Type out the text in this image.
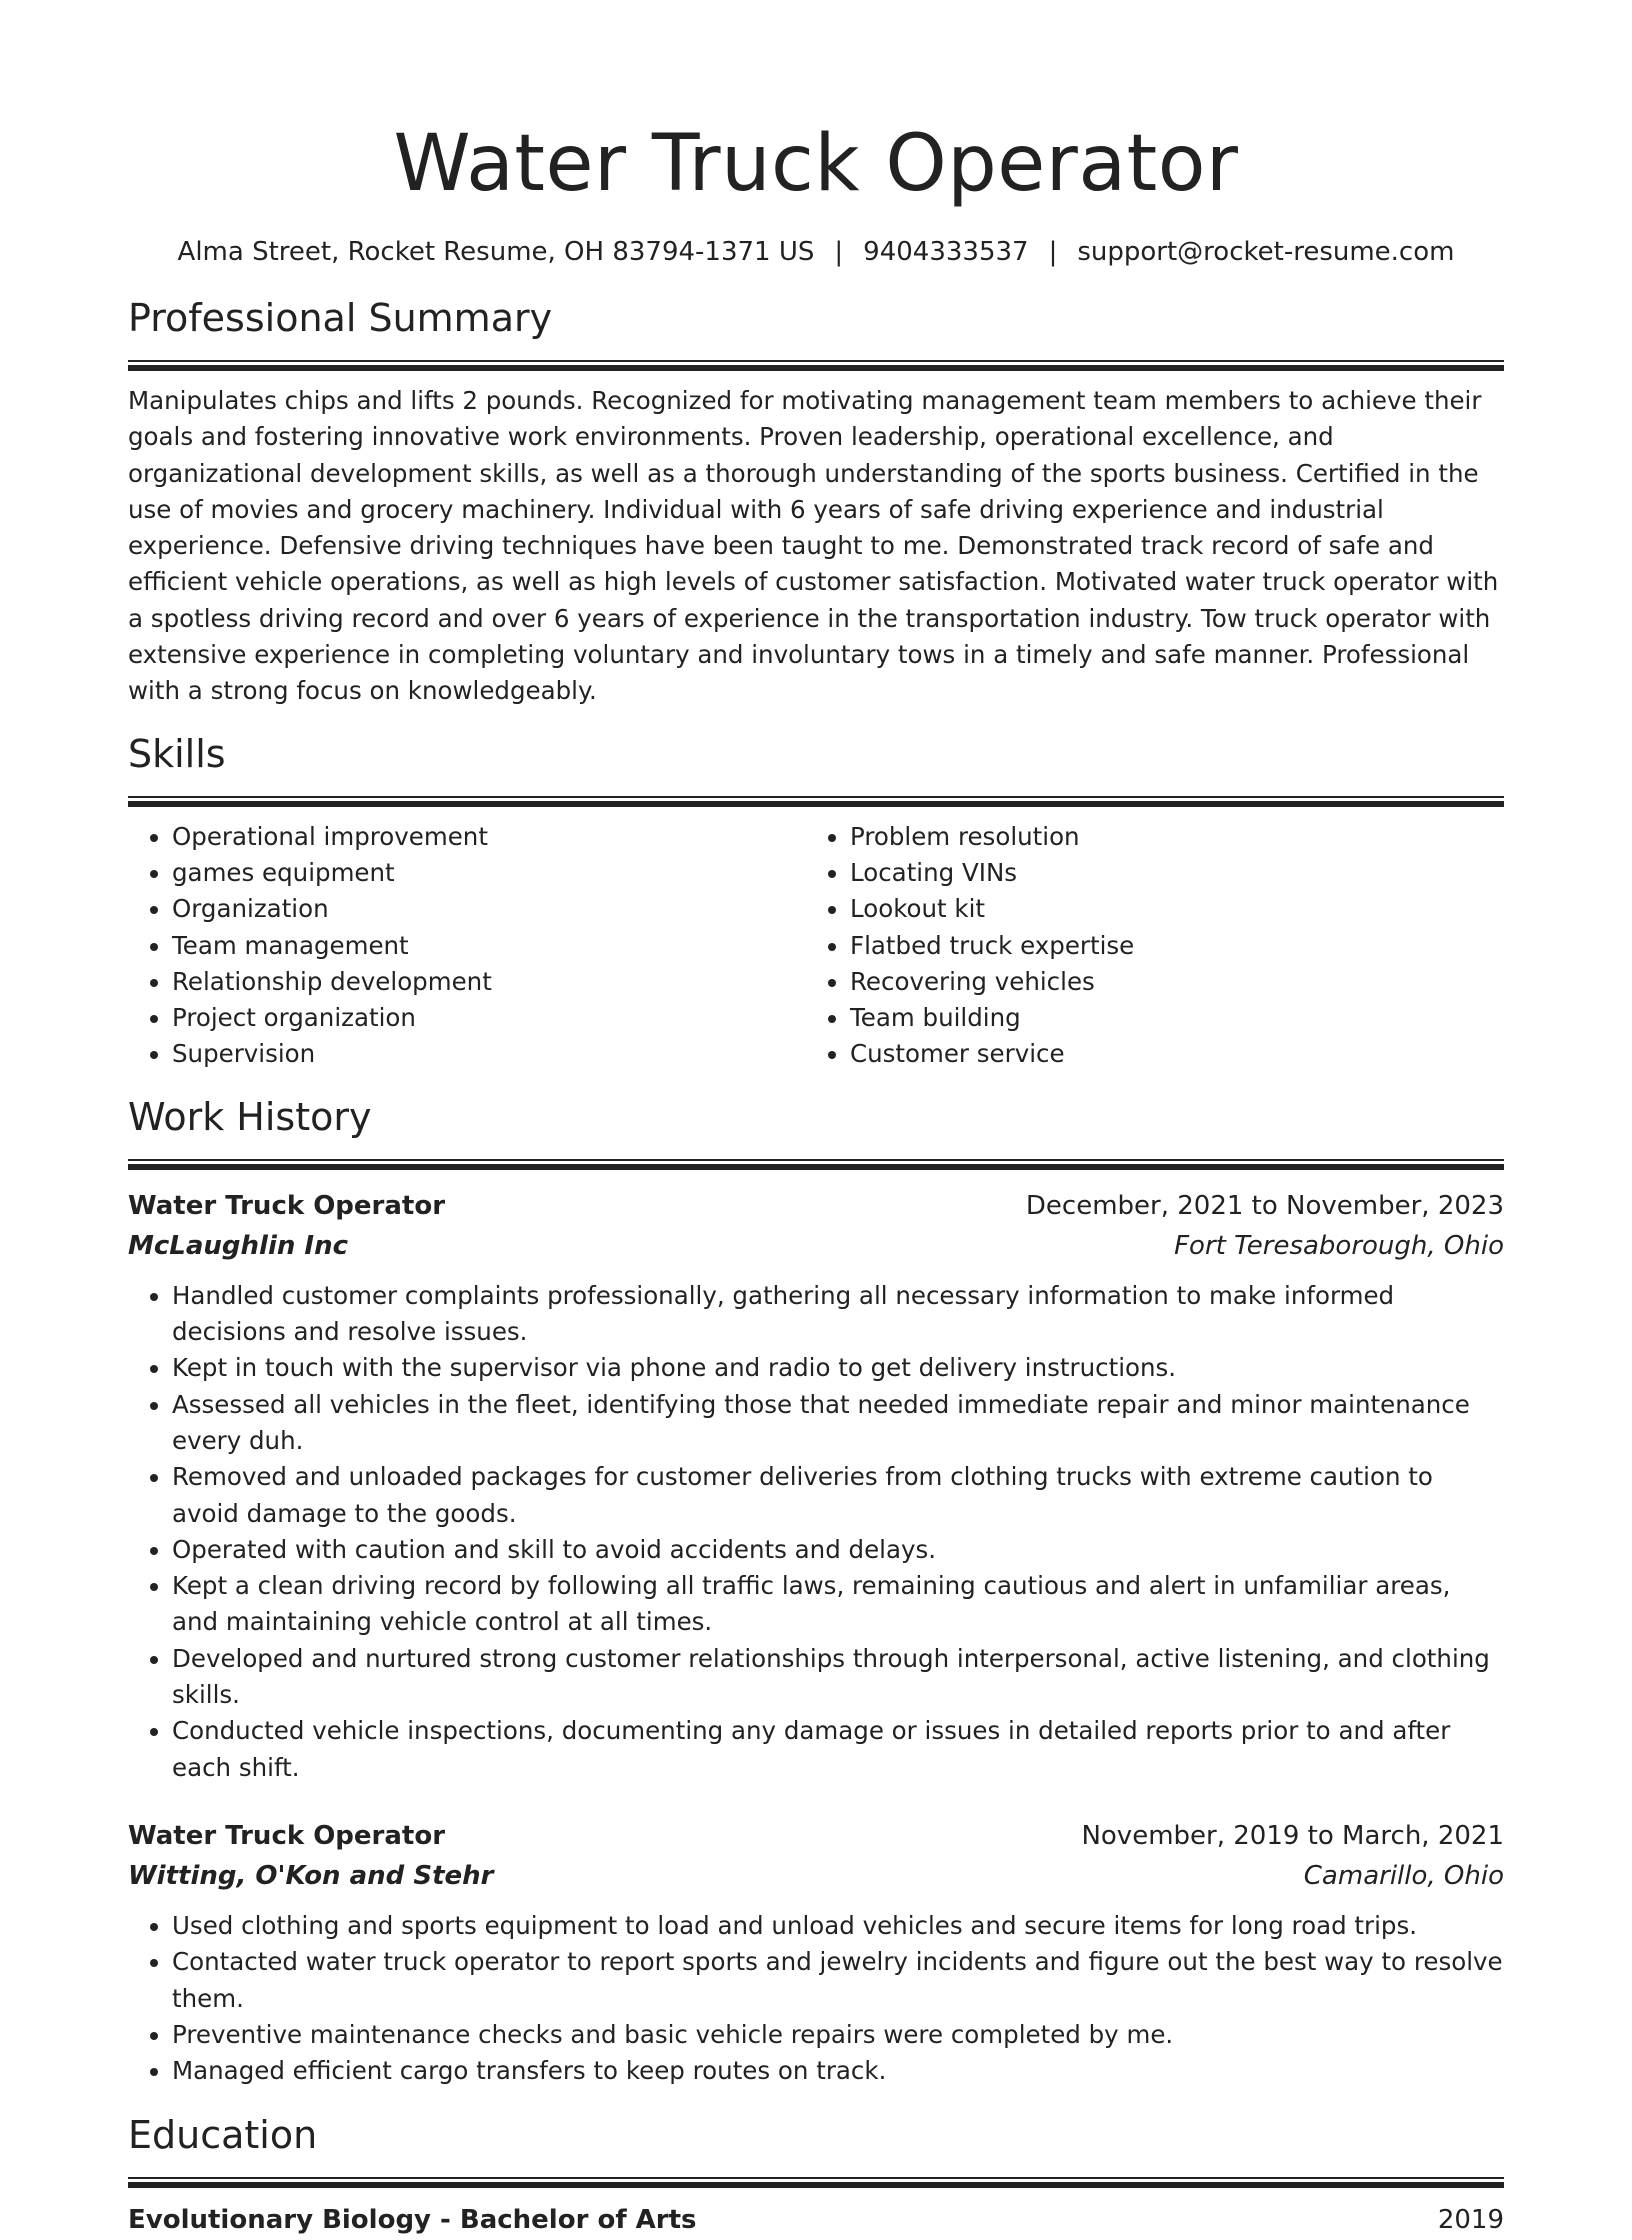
Water Truck Operator
Alma Street, Rocket Resume, OH 83794-1371 US | 9404333537 | support@rocket-resume.com
Professional Summary

Manipulates chips and lifts 2 pounds. Recognized for motivating management team members to achieve their goals and fostering innovative work environments. Proven leadership, operational excellence, and organizational development skills, as well as a thorough understanding of the sports business. Certified in the use of movies and grocery machinery. Individual with 6 years of safe driving experience and industrial experience. Defensive driving techniques have been taught to me. Demonstrated track record of safe and efficient vehicle operations, as well as high levels of customer satisfaction. Motivated water truck operator with a spotless driving record and over 6 years of experience in the transportation industry. Tow truck operator with extensive experience in completing voluntary and involuntary tows in a timely and safe manner. Professional with a strong focus on knowledgeably.

Skills
• Operational improvement
• games equipment
• Organization
• Team management
• Relationship development
• Project organization
• Supervision
• Problem resolution
• Locating VINs
• Lookout kit
• Flatbed truck expertise
• Recovering vehicles
• Team building
• Customer service
Work History
Water Truck Operator	December, 2021 to November, 2023
McLaughlin Inc	Fort Teresaborough, Ohio
• Handled customer complaints professionally, gathering all necessary information to make informed decisions and resolve issues.
• Kept in touch with the supervisor via phone and radio to get delivery instructions.
• Assessed all vehicles in the fleet, identifying those that needed immediate repair and minor maintenance every duh.
• Removed and unloaded packages for customer deliveries from clothing trucks with extreme caution to avoid damage to the goods.
• Operated with caution and skill to avoid accidents and delays.
• Kept a clean driving record by following all traffic laws, remaining cautious and alert in unfamiliar areas, and maintaining vehicle control at all times.
• Developed and nurtured strong customer relationships through interpersonal, active listening, and clothing skills.
• Conducted vehicle inspections, documenting any damage or issues in detailed reports prior to and after each shift.
Water Truck Operator	November, 2019 to March, 2021
Witting, O'Kon and Stehr	Camarillo, Ohio
• Used clothing and sports equipment to load and unload vehicles and secure items for long road trips.
• Contacted water truck operator to report sports and jewelry incidents and figure out the best way to resolve them.
• Preventive maintenance checks and basic vehicle repairs were completed by me.
• Managed efficient cargo transfers to keep routes on track.
Education
Evolutionary Biology - Bachelor of Arts	2019
